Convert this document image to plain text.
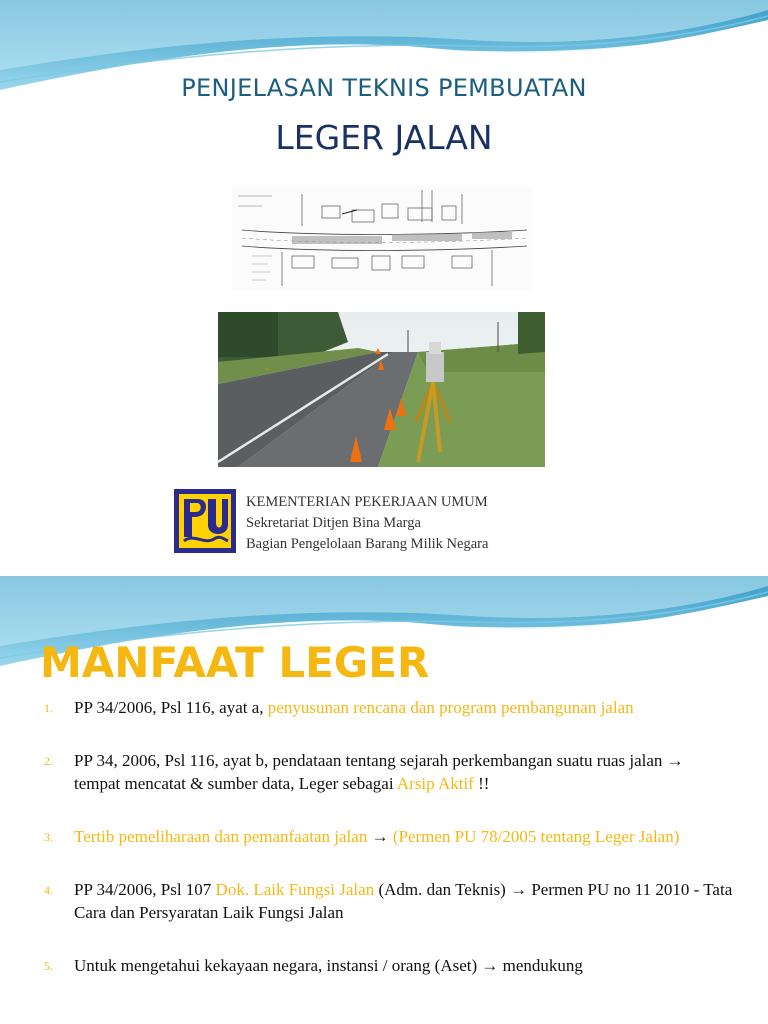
PENJELASAN TEKNIS PEMBUATAN
LEGER JALAN
KEMENTERIAN PEKERJAAN UMUM
Sekretariat Ditjen Bina Marga
Bagian Pengelolaan Barang Milik Negara
MANFAAT LEGER
1. PP 34/2006, Psl 116, ayat a, penyusunan rencana dan program pembangunan jalan
2. PP 34, 2006, Psl 116, ayat b, pendataan tentang sejarah perkembangan suatu ruas jalan → tempat mencatat & sumber data, Leger sebagai Arsip Aktif !!
3. Tertib pemeliharaan dan pemanfaatan jalan → (Permen PU 78/2005 tentang Leger Jalan)
4. PP 34/2006, Psl 107 Dok. Laik Fungsi Jalan (Adm. dan Teknis) → Permen PU no 11 2010 - Tata Cara dan Persyaratan Laik Fungsi Jalan
5. Untuk mengetahui kekayaan negara, instansi / orang (Aset) → mendukung
